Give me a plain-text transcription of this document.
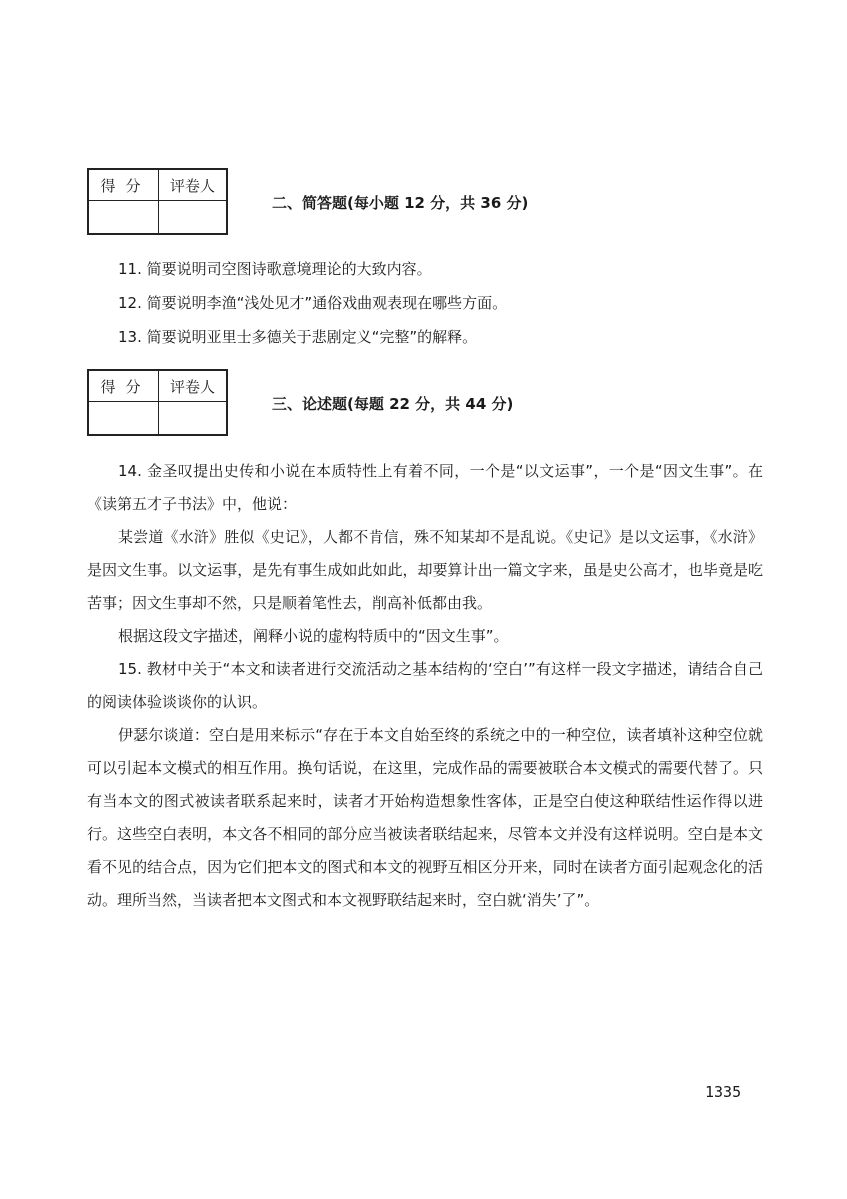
得分	评卷人

二、简答题(每小题 12 分，共 36 分)
11. 简要说明司空图诗歌意境理论的大致内容。
12. 简要说明李渔“浅处见才”通俗戏曲观表现在哪些方面。
13. 简要说明亚里士多德关于悲剧定义“完整”的解释。
得分	评卷人

三、论述题(每题 22 分，共 44 分)
14. 金圣叹提出史传和小说在本质特性上有着不同，一个是“以文运事”，一个是“因文生事”。在《读第五才子书法》中，他说：
某尝道《水浒》胜似《史记》，人都不肯信，殊不知某却不是乱说。《史记》是以文运事，《水浒》是因文生事。以文运事，是先有事生成如此如此，却要算计出一篇文字来，虽是史公高才，也毕竟是吃苦事；因文生事却不然，只是顺着笔性去，削高补低都由我。
根据这段文字描述，阐释小说的虚构特质中的“因文生事”。
15. 教材中关于“本文和读者进行交流活动之基本结构的‘空白’”有这样一段文字描述，请结合自己的阅读体验谈谈你的认识。
伊瑟尔谈道：空白是用来标示“存在于本文自始至终的系统之中的一种空位，读者填补这种空位就可以引起本文模式的相互作用。换句话说，在这里，完成作品的需要被联合本文模式的需要代替了。只有当本文的图式被读者联系起来时，读者才开始构造想象性客体，正是空白使这种联结性运作得以进行。这些空白表明，本文各不相同的部分应当被读者联结起来，尽管本文并没有这样说明。空白是本文看不见的结合点，因为它们把本文的图式和本文的视野互相区分开来，同时在读者方面引起观念化的活动。理所当然，当读者把本文图式和本文视野联结起来时，空白就‘消失’了”。
1335
